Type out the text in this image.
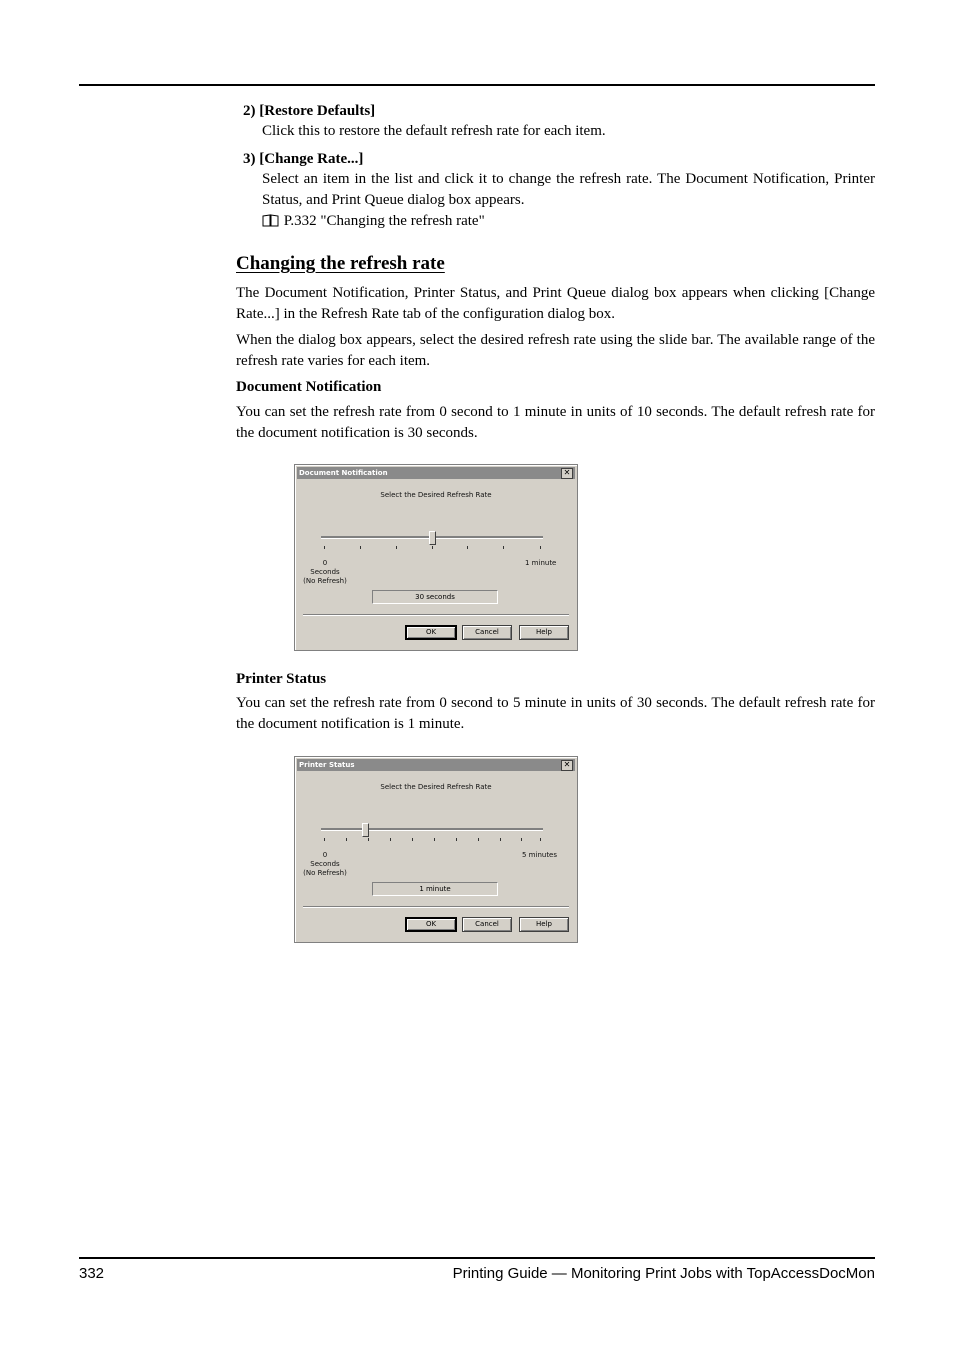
2) [Restore Defaults]
Click this to restore the default refresh rate for each item.
3) [Change Rate...]
Select an item in the list and click it to change the refresh rate. The Document Notification, Printer Status, and Print Queue dialog box appears.
P.332 "Changing the refresh rate"
Changing the refresh rate
The Document Notification, Printer Status, and Print Queue dialog box appears when clicking [Change Rate...] in the Refresh Rate tab of the configuration dialog box.
When the dialog box appears, select the desired refresh rate using the slide bar. The available range of the refresh rate varies for each item.
Document Notification
You can set the refresh rate from 0 second to 1 minute in units of 10 seconds. The default refresh rate for the document notification is 30 seconds.
Document Notification	✕
Select the Desired Refresh Rate
0
Seconds
(No Refresh)
1 minute
30 seconds
OK	Cancel	Help
Printer Status
You can set the refresh rate from 0 second to 5 minute in units of 30 seconds. The default refresh rate for the document notification is 1 minute.
Printer Status	✕
Select the Desired Refresh Rate
0
Seconds
(No Refresh)
5 minutes
1 minute
OK	Cancel	Help
332	Printing Guide — Monitoring Print Jobs with TopAccessDocMon
